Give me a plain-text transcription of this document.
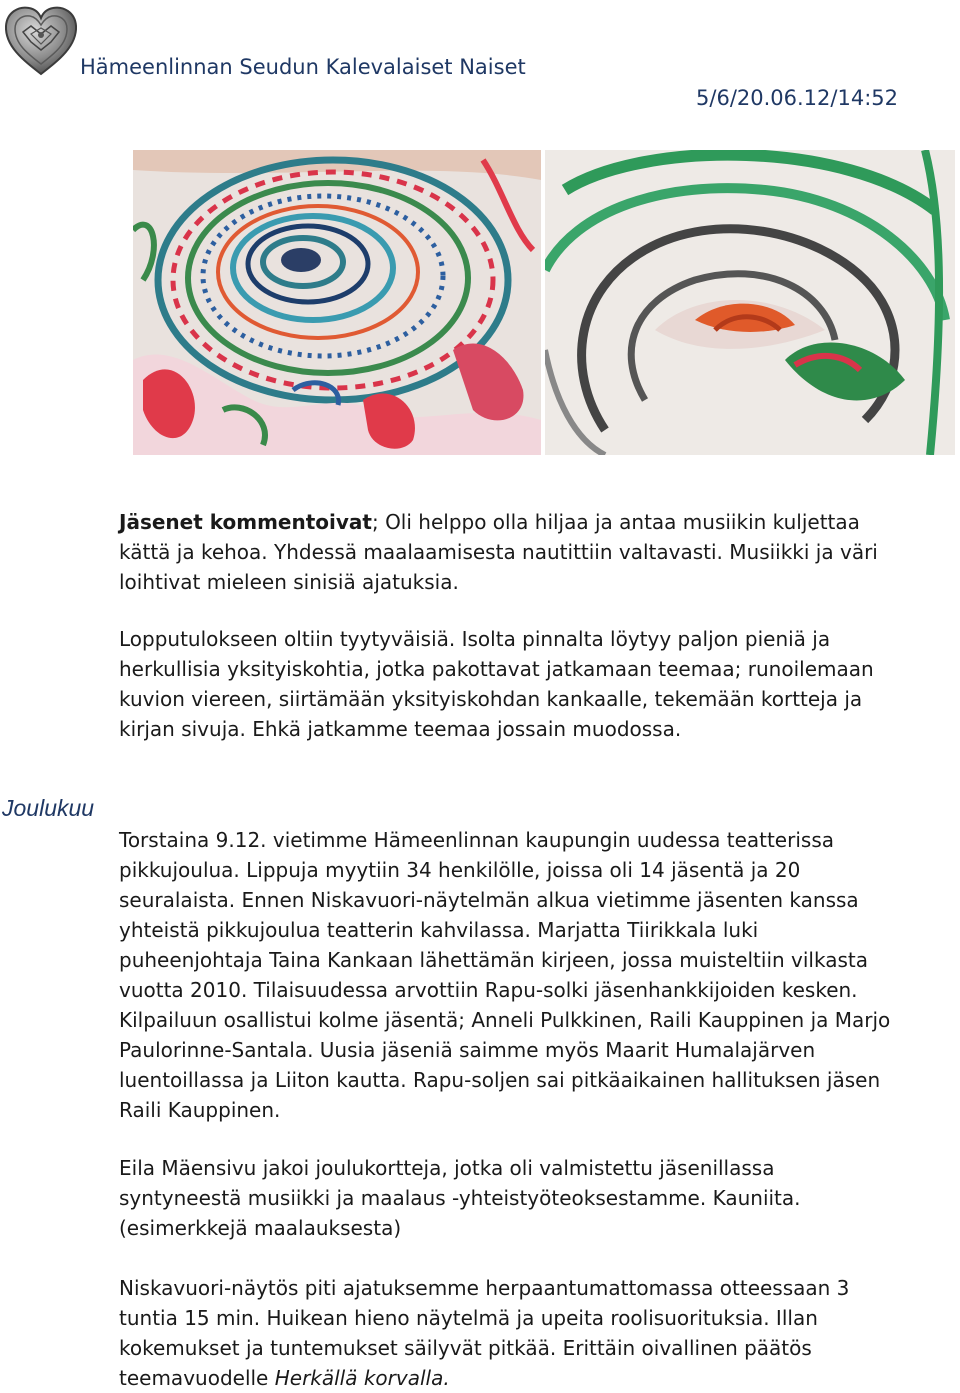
Hämeenlinnan Seudun Kalevalaiset Naiset
5/6/20.06.12/14:52

Jäsenet kommentoivat; Oli helppo olla hiljaa ja antaa musiikin kuljettaa kättä ja kehoa. Yhdessä maalaamisesta nautittiin valtavasti. Musiikki ja väri loihtivat mieleen sinisiä ajatuksia.

Lopputulokseen oltiin tyytyväisiä. Isolta pinnalta löytyy paljon pieniä ja herkullisia yksityiskohtia, jotka pakottavat jatkamaan teemaa; runoilemaan kuvion viereen, siirtämään yksityiskohdan kankaalle, tekemään kortteja ja kirjan sivuja. Ehkä jatkamme teemaa jossain muodossa.

Joulukuu

Torstaina 9.12. vietimme Hämeenlinnan kaupungin uudessa teatterissa pikkujoulua. Lippuja myytiin 34 henkilölle, joissa oli 14 jäsentä ja 20 seuralaista. Ennen Niskavuori-näytelmän alkua vietimme jäsenten kanssa yhteistä pikkujoulua teatterin kahvilassa. Marjatta Tiirikkala luki puheenjohtaja Taina Kankaan lähettämän kirjeen, jossa muisteltiin vilkasta vuotta 2010. Tilaisuudessa arvottiin Rapu-solki jäsenhankkijoiden kesken. Kilpailuun osallistui kolme jäsentä; Anneli Pulkkinen, Raili Kauppinen ja Marjo Paulorinne-Santala. Uusia jäseniä saimme myös Maarit Humalajärven luentoillassa ja Liiton kautta. Rapu-soljen sai pitkäaikainen hallituksen jäsen Raili Kauppinen.

Eila Mäensivu jakoi joulukortteja, jotka oli valmistettu jäsenillassa syntyneestä musiikki ja maalaus -yhteistyöteoksestamme. Kauniita. (esimerkkejä maalauksesta)

Niskavuori-näytös piti ajatuksemme herpaantumattomassa otteessaan 3 tuntia 15 min. Huikean hieno näytelmä ja upeita roolisuorituksia. Illan kokemukset ja tuntemukset säilyvät pitkää. Erittäin oivallinen päätös teemavuodelle Herkällä korvalla.
